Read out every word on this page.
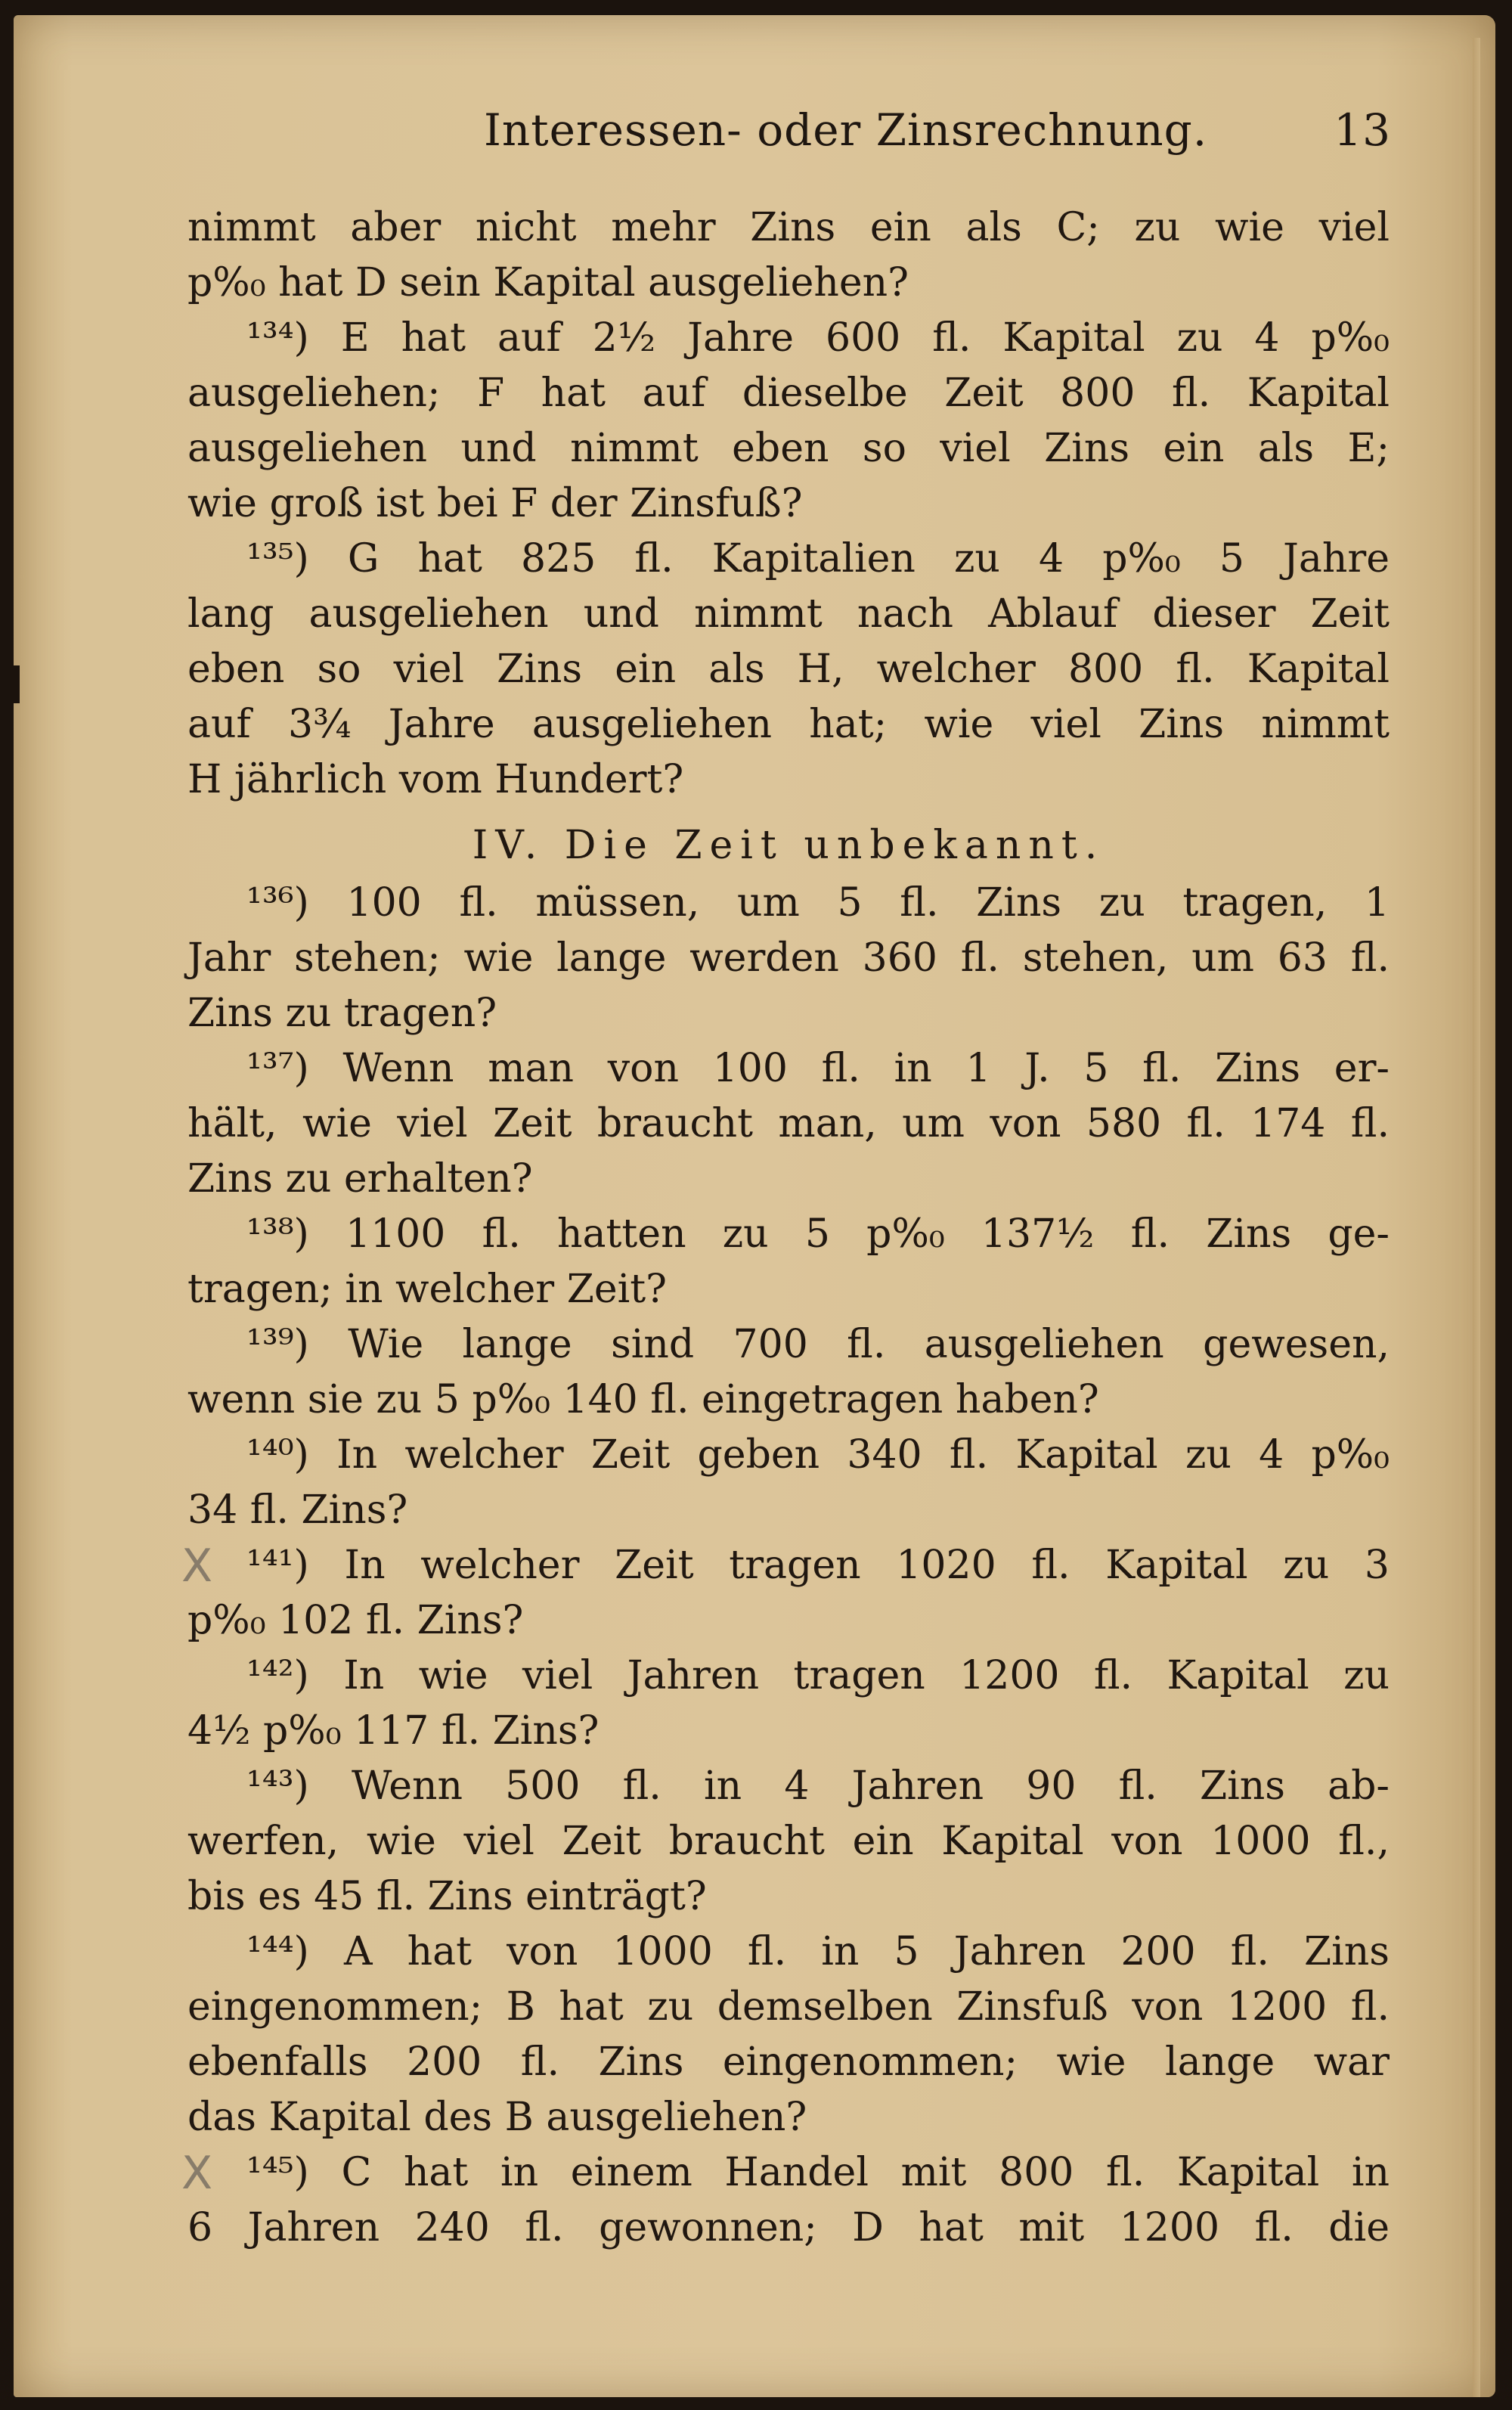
Interessen- oder Zinsrechnung.	13
nimmt aber nicht mehr Zins ein als C; zu wie viel
p%₀ hat D sein Kapital ausgeliehen?
¹³⁴) E hat auf 2½ Jahre 600 fl. Kapital zu 4 p%₀
ausgeliehen; F hat auf dieselbe Zeit 800 fl. Kapital
ausgeliehen und nimmt eben so viel Zins ein als E;
wie groß ist bei F der Zinsfuß?
¹³⁵) G hat 825 fl. Kapitalien zu 4 p%₀ 5 Jahre
lang ausgeliehen und nimmt nach Ablauf dieser Zeit
eben so viel Zins ein als H, welcher 800 fl. Kapital
auf 3¾ Jahre ausgeliehen hat; wie viel Zins nimmt
H jährlich vom Hundert?
IV. Die Zeit unbekannt.
¹³⁶) 100 fl. müssen, um 5 fl. Zins zu tragen, 1
Jahr stehen; wie lange werden 360 fl. stehen, um 63 fl.
Zins zu tragen?
¹³⁷) Wenn man von 100 fl. in 1 J. 5 fl. Zins er-
hält, wie viel Zeit braucht man, um von 580 fl. 174 fl.
Zins zu erhalten?
¹³⁸) 1100 fl. hatten zu 5 p%₀ 137½ fl. Zins ge-
tragen; in welcher Zeit?
¹³⁹) Wie lange sind 700 fl. ausgeliehen gewesen,
wenn sie zu 5 p%₀ 140 fl. eingetragen haben?
¹⁴⁰) In welcher Zeit geben 340 fl. Kapital zu 4 p%₀
34 fl. Zins?
¹⁴¹) In welcher Zeit tragen 1020 fl. Kapital zu 3
p%₀ 102 fl. Zins?
¹⁴²) In wie viel Jahren tragen 1200 fl. Kapital zu
4½ p%₀ 117 fl. Zins?
¹⁴³) Wenn 500 fl. in 4 Jahren 90 fl. Zins ab-
werfen, wie viel Zeit braucht ein Kapital von 1000 fl.,
bis es 45 fl. Zins einträgt?
¹⁴⁴) A hat von 1000 fl. in 5 Jahren 200 fl. Zins
eingenommen; B hat zu demselben Zinsfuß von 1200 fl.
ebenfalls 200 fl. Zins eingenommen; wie lange war
das Kapital des B ausgeliehen?
¹⁴⁵) C hat in einem Handel mit 800 fl. Kapital in
6 Jahren 240 fl. gewonnen; D hat mit 1200 fl. die
X
X
